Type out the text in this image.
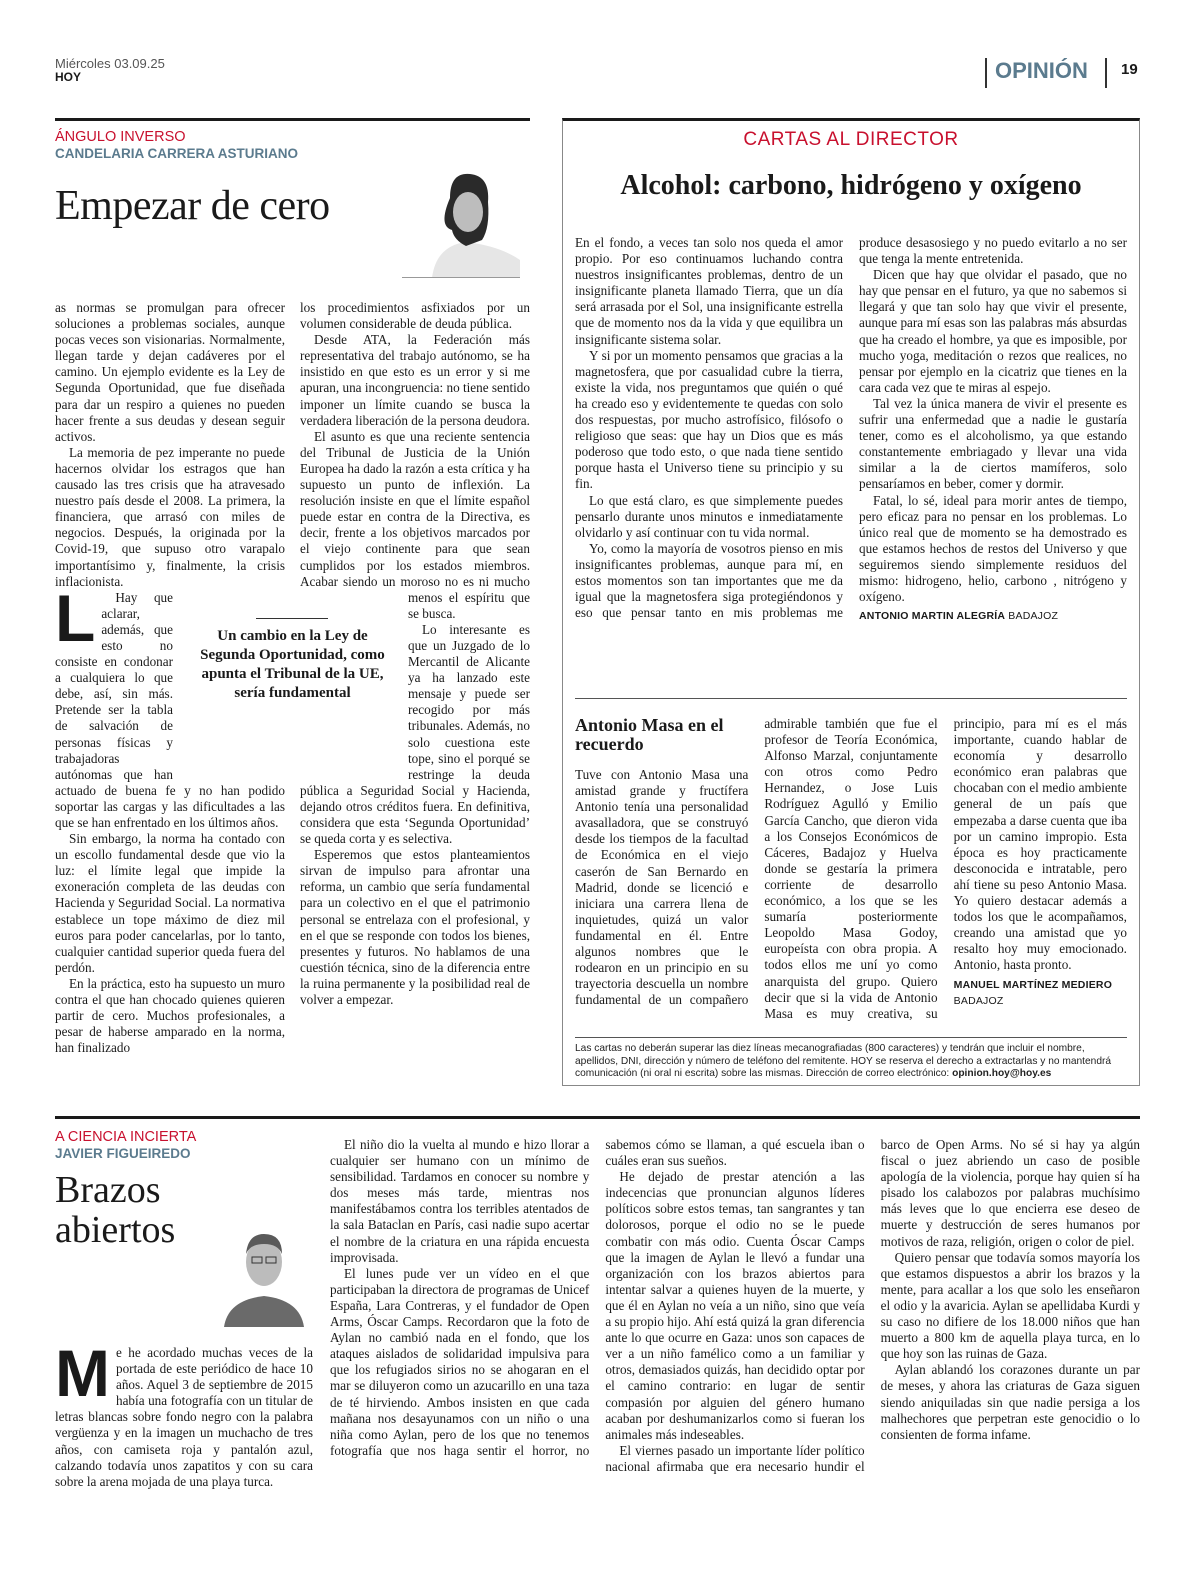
Miércoles 03.09.25
HOY	OPINIÓN 19
ÁNGULO INVERSO
CANDELARIA CARRERA ASTURIANO
Empezar de cero
L

as normas se promulgan para ofrecer soluciones a problemas sociales, aunque pocas veces son visionarias. Normalmente, llegan tarde y dejan cadáveres por el camino. Un ejemplo evidente es la Ley de Segunda Oportunidad, que fue diseñada para dar un respiro a quienes no pueden hacer frente a sus deudas y desean seguir activos.

La memoria de pez imperante no puede hacernos olvidar los estragos que han causado las tres crisis que ha atravesado nuestro país desde el 2008. La primera, la financiera, que arrasó con miles de negocios. Después, la originada por la Covid-19, que supuso otro varapalo importantísimo y, finalmente, la crisis inflacionista.

Hay que aclarar, además, que esto no consiste en condonar a cualquiera lo que debe, así, sin más. Pretende ser la tabla de salvación de personas físicas y trabajadoras autónomas que han actuado de buena fe y no han podido soportar las cargas y las dificultades a las que se han enfrentado en los últimos años.

Sin embargo, la norma ha contado con un escollo fundamental desde que vio la luz: el límite legal que impide la exoneración completa de las deudas con Hacienda y Seguridad Social. La normativa establece un tope máximo de diez mil euros para poder cancelarlas, por lo tanto, cualquier cantidad superior queda fuera del perdón.

En la práctica, esto ha supuesto un muro contra el que han chocado quienes quieren partir de cero. Muchos profesionales, a pesar de haberse amparado en la norma, han finalizado

los procedimientos asfixiados por un volumen considerable de deuda pública.

Desde ATA, la Federación más representativa del trabajo autónomo, se ha insistido en que esto es un error y si me apuran, una incongruencia: no tiene sentido imponer un límite cuando se busca la verdadera liberación de la persona deudora.

El asunto es que una reciente sentencia del Tribunal de Justicia de la Unión Europea ha dado la razón a esta crítica y ha supuesto un punto de inflexión. La resolución insiste en que el límite español puede estar en contra de la Directiva, es decir, frente a los objetivos marcados por el viejo continente para que sean cumplidos por los estados miembros. Acabar siendo un moroso no es ni mucho menos el espíritu que se busca.

Lo interesante es que un Juzgado de lo Mercantil de Alicante ya ha lanzado este mensaje y puede ser recogido por más tribunales. Además, no solo cuestiona este tope, sino el porqué se restringe la deuda pública a Seguridad Social y Hacienda, dejando otros créditos fuera. En definitiva, considera que esta ‘Segunda Oportunidad’ se queda corta y es selectiva.

Esperemos que estos planteamientos sirvan de impulso para afrontar una reforma, un cambio que sería fundamental para un colectivo en el que el patrimonio personal se entrelaza con el profesional, y en el que se responde con todos los bienes, presentes y futuros. No hablamos de una cuestión técnica, sino de la diferencia entre la ruina permanente y la posibilidad real de volver a empezar.

Un cambio en la Ley de Segunda Oportunidad, como apunta el Tribunal de la UE, sería fundamental
CARTAS AL DIRECTOR
Alcohol: carbono, hidrógeno y oxígeno

En el fondo, a veces tan solo nos queda el amor propio. Por eso continuamos luchando contra nuestros insignificantes problemas, dentro de un insignificante planeta llamado Tierra, que un día será arrasada por el Sol, una insignificante estrella que de momento nos da la vida y que equilibra un insignificante sistema solar.

Y si por un momento pensamos que gracias a la magnetosfera, que por casualidad cubre la tierra, existe la vida, nos preguntamos que quién o qué ha creado eso y evidentemente te quedas con solo dos respuestas, por mucho astrofísico, filósofo o religioso que seas: que hay un Dios que es más poderoso que todo esto, o que nada tiene sentido porque hasta el Universo tiene su principio y su fin.

Lo que está claro, es que simplemente puedes pensarlo durante unos minutos e inmediatamente olvidarlo y así continuar con tu vida normal.

Yo, como la mayoría de vosotros pienso en mis insignificantes problemas, aunque para mí, en estos momentos son tan importantes que me da igual que la magnetosfera siga protegiéndonos y eso que pensar tanto en mis problemas me produce desasosiego y no puedo evitarlo a no ser que tenga la mente entretenida.

Dicen que hay que olvidar el pasado, que no hay que pensar en el futuro, ya que no sabemos si llegará y que tan solo hay que vivir el presente, aunque para mí esas son las palabras más absurdas que ha creado el hombre, ya que es imposible, por mucho yoga, meditación o rezos que realices, no pensar por ejemplo en la cicatriz que tienes en la cara cada vez que te miras al espejo.

Tal vez la única manera de vivir el presente es sufrir una enfermedad que a nadie le gustaría tener, como es el alcoholismo, ya que estando constantemente embriagado y llevar una vida similar a la de ciertos mamíferos, solo pensaríamos en beber, comer y dormir.

Fatal, lo sé, ideal para morir antes de tiempo, pero eficaz para no pensar en los problemas. Lo único real que de momento se ha demostrado es que estamos hechos de restos del Universo y que seguiremos siendo simplemente residuos del mismo: hidrogeno, helio, carbono , nitrógeno y oxígeno.

ANTONIO MARTIN ALEGRÍA BADAJOZ

Antonio Masa en el recuerdo

Tuve con Antonio Masa una amistad grande y fructífera Antonio tenía una personalidad avasalladora, que se construyó desde los tiempos de la facultad de Económica en el viejo caserón de San Bernardo en Madrid, donde se licenció e iniciara una carrera llena de inquietudes, quizá un valor fundamental en él. Entre algunos nombres que le rodearon en un principio en su trayectoria descuella un nombre fundamental de un compañero admirable también que fue el profesor de Teoría Económica, Alfonso Marzal, conjuntamente con otros como Pedro Hernandez, o Jose Luis Rodríguez Agulló y Emilio García Cancho, que dieron vida a los Consejos Económicos de Cáceres, Badajoz y Huelva donde se gestaría la primera corriente de desarrollo económico, a los que se les sumaría posteriormente Leopoldo Masa Godoy, europeísta con obra propia. A todos ellos me uní yo como anarquista del grupo. Quiero decir que si la vida de Antonio Masa es muy creativa, su principio, para mí es el más importante, cuando hablar de economía y desarrollo económico eran palabras que chocaban con el medio ambiente general de un país que empezaba a darse cuenta que iba por un camino impropio. Esta época es hoy practicamente desconocida e intratable, pero ahí tiene su peso Antonio Masa. Yo quiero destacar además a todos los que le acompañamos, creando una amistad que yo resalto hoy muy emocionado. Antonio, hasta pronto.

MANUEL MARTÍNEZ MEDIERO
BADAJOZ

Las cartas no deberán superar las diez líneas mecanografiadas (800 caracteres) y tendrán que incluir el nombre, apellidos, DNI, dirección y número de teléfono del remitente. HOY se reserva el derecho a extractarlas y no mantendrá comunicación (ni oral ni escrita) sobre las mismas. Dirección de correo electrónico: opinion.hoy@hoy.es
A CIENCIA INCIERTA
JAVIER FIGUEIREDO
Brazos abiertos
M e he acordado muchas veces de la portada de este periódico de hace 10 años. Aquel 3 de septiembre de 2015 había una fotografía con un titular de letras blancas sobre fondo negro con la palabra vergüenza y en la imagen un muchacho de tres años, con camiseta roja y pantalón azul, calzando todavía unos zapatitos y con su cara sobre la arena mojada de una playa turca.

El niño dio la vuelta al mundo e hizo llorar a cualquier ser humano con un mínimo de sensibilidad. Tardamos en conocer su nombre y dos meses más tarde, mientras nos manifestábamos contra los terribles atentados de la sala Bataclan en París, casi nadie supo acertar el nombre de la criatura en una rápida encuesta improvisada.

El lunes pude ver un vídeo en el que participaban la directora de programas de Unicef España, Lara Contreras, y el fundador de Open Arms, Óscar Camps. Recordaron que la foto de Aylan no cambió nada en el fondo, que los ataques aislados de solidaridad impulsiva para que los refugiados sirios no se ahogaran en el mar se diluyeron como un azucarillo en una taza de té hirviendo. Ambos insisten en que cada mañana nos desayunamos con un niño o una niña como Aylan, pero de los que no tenemos fotografía que nos haga sentir el horror, no sabemos cómo se llaman, a qué escuela iban o cuáles eran sus sueños.

He dejado de prestar atención a las indecencias que pronuncian algunos líderes políticos sobre estos temas, tan sangrantes y tan dolorosos, porque el odio no se le puede combatir con más odio. Cuenta Óscar Camps que la imagen de Aylan le llevó a fundar una organización con los brazos abiertos para intentar salvar a quienes huyen de la muerte, y que él en Aylan no veía a un niño, sino que veía a su propio hijo. Ahí está quizá la gran diferencia ante lo que ocurre en Gaza: unos son capaces de ver a un niño famélico como a un familiar y otros, demasiados quizás, han decidido optar por el camino contrario: en lugar de sentir compasión por alguien del género humano acaban por deshumanizarlos como si fueran los animales más indeseables.

El viernes pasado un importante líder político nacional afirmaba que era necesario hundir el barco de Open Arms. No sé si hay ya algún fiscal o juez abriendo un caso de posible apología de la violencia, porque hay quien sí ha pisado los calabozos por palabras muchísimo más leves que lo que encierra ese deseo de muerte y destrucción de seres humanos por motivos de raza, religión, origen o color de piel.

Quiero pensar que todavía somos mayoría los que estamos dispuestos a abrir los brazos y la mente, para acallar a los que solo les enseñaron el odio y la avaricia. Aylan se apellidaba Kurdi y su caso no difiere de los 18.000 niños que han muerto a 800 km de aquella playa turca, en lo que hoy son las ruinas de Gaza.

Aylan ablandó los corazones durante un par de meses, y ahora las criaturas de Gaza siguen siendo aniquiladas sin que nadie persiga a los malhechores que perpetran este genocidio o lo consienten de forma infame.
